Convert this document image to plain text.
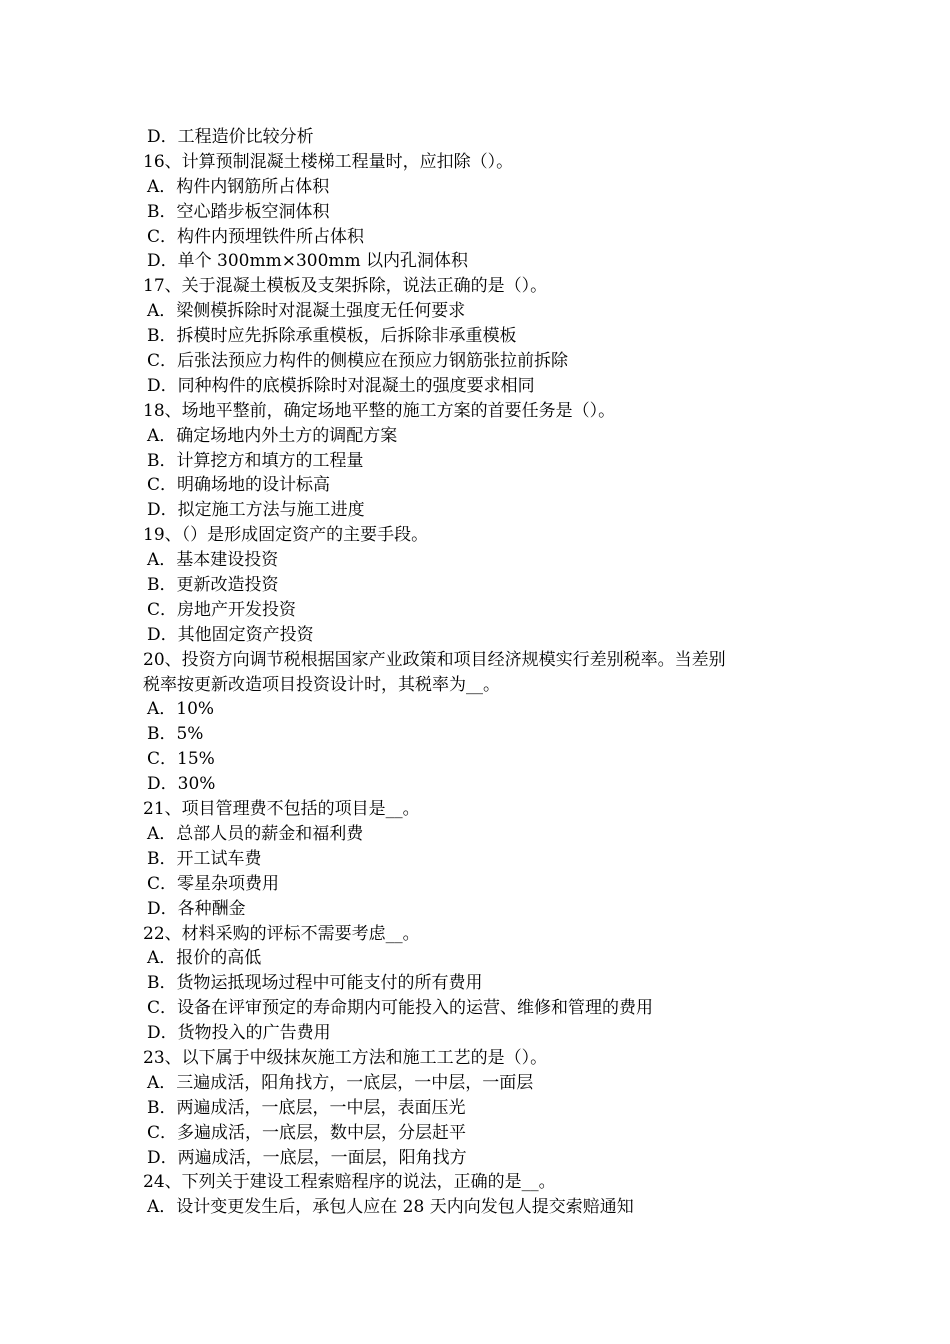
D．工程造价比较分析
16、计算预制混凝土楼梯工程量时，应扣除（）。
A．构件内钢筋所占体积
B．空心踏步板空洞体积
C．构件内预埋铁件所占体积
D．单个 300mm×300mm 以内孔洞体积
17、关于混凝土模板及支架拆除，说法正确的是（）。
A．梁侧模拆除时对混凝土强度无任何要求
B．拆模时应先拆除承重模板，后拆除非承重模板
C．后张法预应力构件的侧模应在预应力钢筋张拉前拆除
D．同种构件的底模拆除时对混凝土的强度要求相同
18、场地平整前，确定场地平整的施工方案的首要任务是（）。
A．确定场地内外土方的调配方案
B．计算挖方和填方的工程量
C．明确场地的设计标高
D．拟定施工方法与施工进度
19、（）是形成固定资产的主要手段。
A．基本建设投资
B．更新改造投资
C．房地产开发投资
D．其他固定资产投资
20、投资方向调节税根据国家产业政策和项目经济规模实行差别税率。当差别
税率按更新改造项目投资设计时，其税率为__。
A．10%
B．5%
C．15%
D．30%
21、项目管理费不包括的项目是__。
A．总部人员的薪金和福利费
B．开工试车费
C．零星杂项费用
D．各种酬金
22、材料采购的评标不需要考虑__。
A．报价的高低
B．货物运抵现场过程中可能支付的所有费用
C．设备在评审预定的寿命期内可能投入的运营、维修和管理的费用
D．货物投入的广告费用
23、以下属于中级抹灰施工方法和施工工艺的是（）。
A．三遍成活，阳角找方，一底层，一中层，一面层
B．两遍成活，一底层，一中层，表面压光
C．多遍成活，一底层，数中层，分层赶平
D．两遍成活，一底层，一面层，阳角找方
24、下列关于建设工程索赔程序的说法，正确的是__。
A．设计变更发生后，承包人应在 28 天内向发包人提交索赔通知
